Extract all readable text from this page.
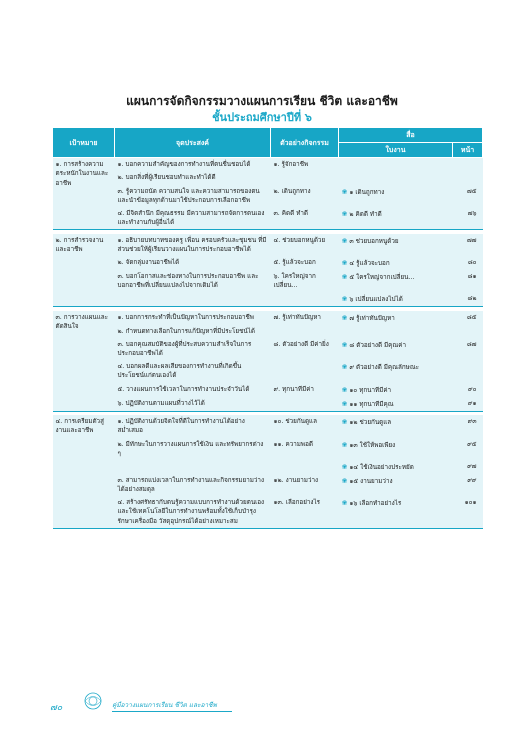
แผนการจัดกิจกรรมวางแผนการเรียน ชีวิต และอาชีพ
ชั้นประถมศึกษาปีที่ ๖
เป้าหมาย	จุดประสงค์	ตัวอย่างกิจกรรม	สื่อ	
			ใบงาน	หน้า
๑. การสร้างความตระหนักในงานและอาชีพ	๑. บอกความสำคัญของการทำงานที่ตนชื่นชอบได้	๑. รู้จักอาชีพ		
	๒. บอกสิ่งที่ผู้เรียนชอบทำและทำได้ดี			
	๓. รู้ความถนัด ความสนใจ และความสามารถของตน และนำข้อมูลทุกด้านมาใช้ประกอบการเลือกอาชีพ	๒. เดินถูกทาง	❀ ๑ เดินถูกทาง	๗๕
	๔. มีจิตสำนึก มีคุณธรรม มีความสามารถจัดการตนเองและทำงานกับผู้อื่นได้	๓. คิดดี ทำดี	❀ ๒ คิดดี ทำดี	๗๖

๒. การสำรวจงานและอาชีพ	๑. อธิบายบทบาทของครู เพื่อน ครอบครัวและชุมชน ที่มีส่วนช่วยให้ผู้เรียนวางแผนในการประกอบอาชีพได้	๔. ช่วยบอกหนูด้วย	❀ ๓ ช่วยบอกหนูด้วย	๗๗
	๒. จัดกลุ่มงานอาชีพได้	๕. รู้แล้วจะบอก	❀ ๔ รู้แล้วจะบอก	๘๐
	๓. บอกโอกาสและช่องทางในการประกอบอาชีพ และบอกอาชีพที่เปลี่ยนแปลงไปจากเดิมได้	๖. ใครใหญ่จากเปลี่ยน...	❀ ๕ ใครใหญ่จากเปลี่ยน...	๘๑
			❀ ๖ เปลี่ยนแปลงไปได้	๘๒

๓. การวางแผนและตัดสินใจ	๑. บอกการกระทำที่เป็นปัญหาในการประกอบอาชีพ	๗. รู้เท่าทันปัญหา	❀ ๗ รู้เท่าทันปัญหา	๘๕
	๒. กำหนดทางเลือกในการแก้ปัญหาที่มีประโยชน์ได้			
	๓. บอกคุณสมบัติของผู้ที่ประสบความสำเร็จในการประกอบอาชีพได้	๘. ตัวอย่างดี มีค่ายิ่ง	❀ ๘ ตัวอย่างดี มีคุณค่า	๘๗
	๔. บอกผลดีและผลเสียของการทำงานที่เกิดขึ้นประโยชน์แก่ตนเองได้		❀ ๙ ตัวอย่างดี มีคุณลักษณะ	
	๕. วางแผนการใช้เวลาในการทำงานประจำวันได้	๙. ทุกนาทีมีค่า	❀ ๑๐ ทุกนาทีมีค่า	๙๐
	๖. ปฏิบัติงานตามแผนที่วางไว้ได้		❀ ๑๑ ทุกนาทีมีคุณ	๙๑

๔. การเตรียมตัวสู่งานและอาชีพ	๑. ปฏิบัติงานด้วยจิตใจที่ดีในการทำงานได้อย่างสม่ำเสมอ	๑๐. ช่วยกันดูแล	❀ ๑๒ ช่วยกันดูแล	๙๓
	๒. มีทักษะในการวางแผนการใช้เงิน และทรัพยากรต่าง ๆ	๑๑. ความพอดี	❀ ๑๓ ใช้ให้พอเพียง	๙๕
			❀ ๑๔ ใช้เงินอย่างประหยัด	๙๗
	๓. สามารถแบ่งเวลาในการทำงานและกิจกรรมยามว่างได้อย่างสมดุล	๑๒. งานยามว่าง	❀ ๑๕ งานยามว่าง	๙๙
	๔. สร้างศรัทธากับตนรู้ความแบบการทำงานด้วยตนเอง และใช้เทคโนโลยีในการทำงานพร้อมทั้งใช้เก็บบำรุงรักษาเครื่องมือ วัสดุอุปกรณ์ได้อย่างเหมาะสม	๑๓. เลือกอย่างไร	❀ ๑๖ เลือกทำอย่างไร	๑๐๑
๗๐	คู่มือวางแผนการเรียน ชีวิต และอาชีพ
